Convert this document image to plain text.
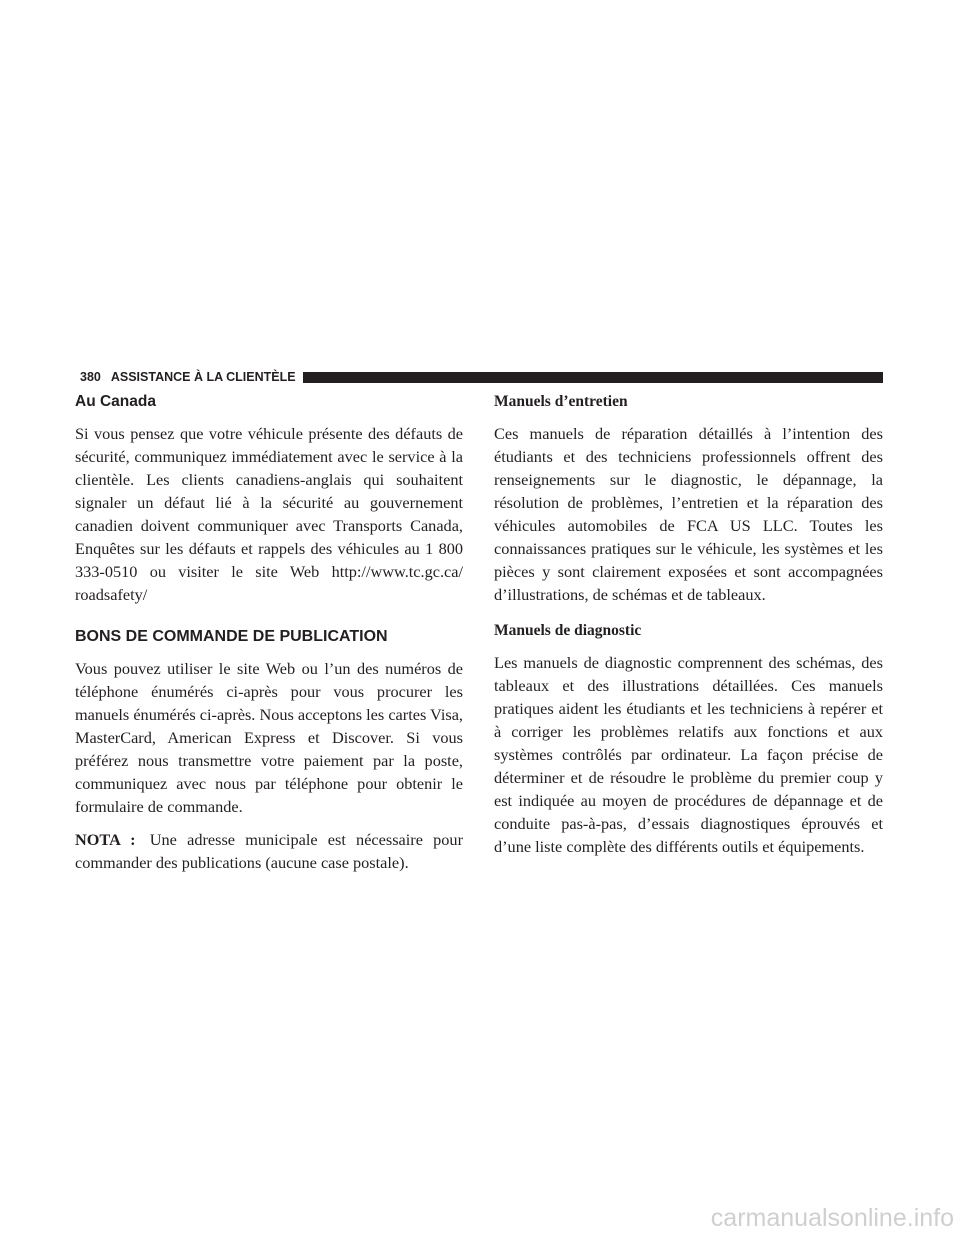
380 ASSISTANCE À LA CLIENTÈLE
Au Canada

Si vous pensez que votre véhicule présente des défauts de sécurité, communiquez immédiatement avec le service à la clientèle. Les clients canadiens-anglais qui souhaitent signaler un défaut lié à la sécurité au gouvernement canadien doivent communiquer avec Transports Canada, Enquêtes sur les défauts et rappels des véhicules au 1 800 333-0510 ou visiter le site Web http://www.tc.gc.ca/ roadsafety/

BONS DE COMMANDE DE PUBLICATION

Vous pouvez utiliser le site Web ou l’un des numéros de téléphone énumérés ci-après pour vous procurer les manuels énumérés ci-après. Nous acceptons les cartes Visa, MasterCard, American Express et Discover. Si vous préférez nous transmettre votre paiement par la poste, communiquez avec nous par téléphone pour obtenir le formulaire de commande.

NOTA : Une adresse municipale est nécessaire pour commander des publications (aucune case postale).

Manuels d’entretien

Ces manuels de réparation détaillés à l’intention des étudiants et des techniciens professionnels offrent des renseignements sur le diagnostic, le dépannage, la résolution de problèmes, l’entretien et la réparation des véhicules automobiles de FCA US LLC. Toutes les connaissances pratiques sur le véhicule, les systèmes et les pièces y sont clairement exposées et sont accompagnées d’illustrations, de schémas et de tableaux.

Manuels de diagnostic

Les manuels de diagnostic comprennent des schémas, des tableaux et des illustrations détaillées. Ces manuels pratiques aident les étudiants et les techniciens à repérer et à corriger les problèmes relatifs aux fonctions et aux systèmes contrôlés par ordinateur. La façon précise de déterminer et de résoudre le problème du premier coup y est indiquée au moyen de procédures de dépannage et de conduite pas-à-pas, d’essais diagnostiques éprouvés et d’une liste complète des différents outils et équipements.

carmanualsonline.info
